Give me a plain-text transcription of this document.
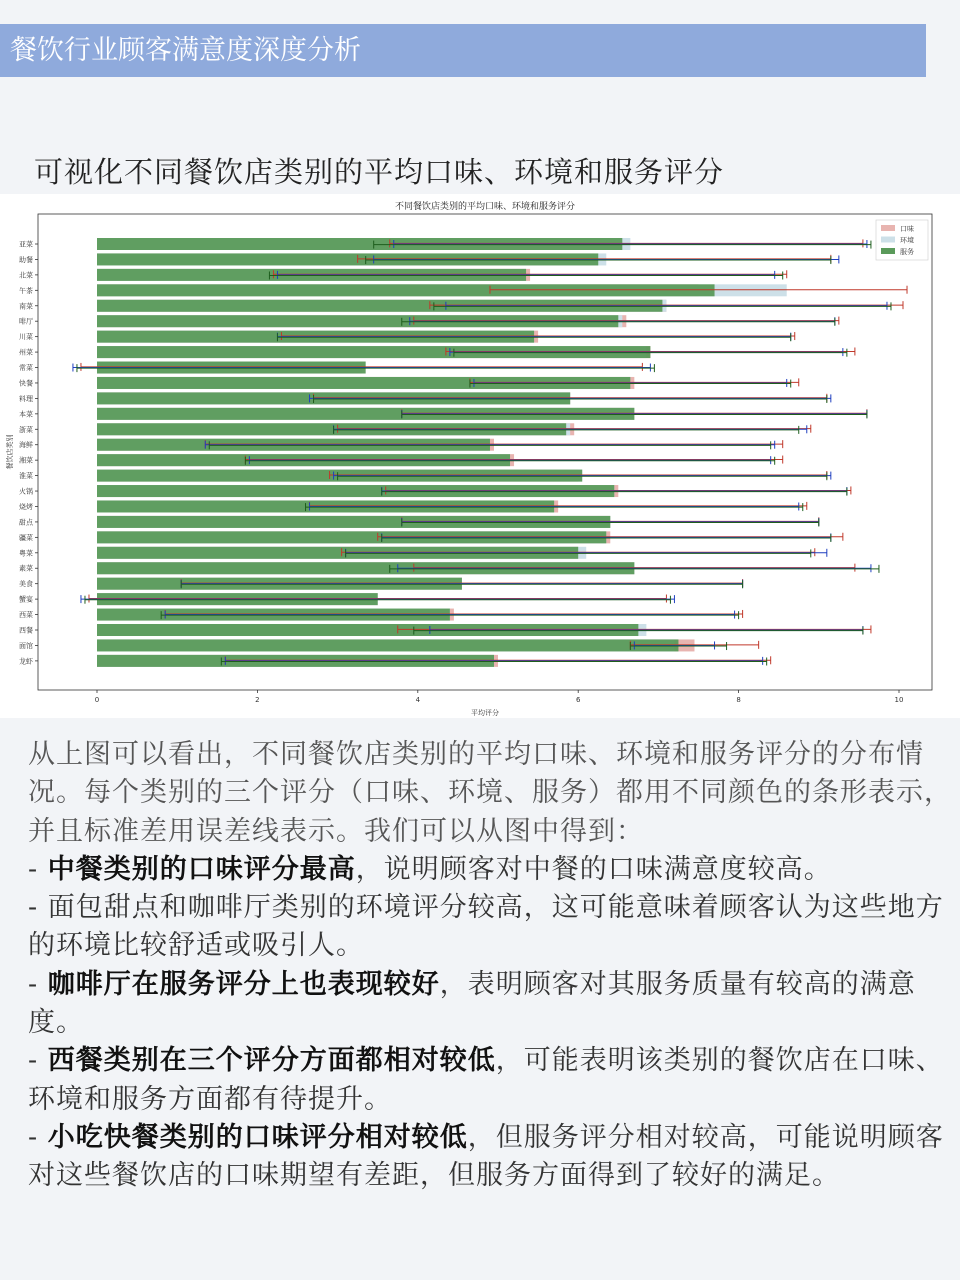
餐饮行业顾客满意度深度分析
可视化不同餐饮店类别的平均口味、环境和服务评分
不同餐饮店类别的平均口味、环境和服务评分
0	2	4	6	8	10
平均评分
餐饮店类别
亚菜
助餐
北菜
午茶
南菜
啡厅
川菜
州菜
常菜
快餐
料理
本菜
浙菜
海鲜
湘菜
淮菜
火锅
烧烤
甜点
疆菜
粤菜
素菜
美食
蟹宴
西菜
西餐
面馆
龙虾
口味
环境
服务

从上图可以看出，不同餐饮店类别的平均口味、环境和服务评分的分布情况。每个类别的三个评分（口味、环境、服务）都用不同颜色的条形表示，并且标准差用误差线表示。我们可以从图中得到：

- 中餐类别的口味评分最高，说明顾客对中餐的口味满意度较高。

- 面包甜点和咖啡厅类别的环境评分较高，这可能意味着顾客认为这些地方的环境比较舒适或吸引人。

- 咖啡厅在服务评分上也表现较好，表明顾客对其服务质量有较高的满意度。

- 西餐类别在三个评分方面都相对较低，可能表明该类别的餐饮店在口味、环境和服务方面都有待提升。

- 小吃快餐类别的口味评分相对较低，但服务评分相对较高，可能说明顾客对这些餐饮店的口味期望有差距，但服务方面得到了较好的满足。
